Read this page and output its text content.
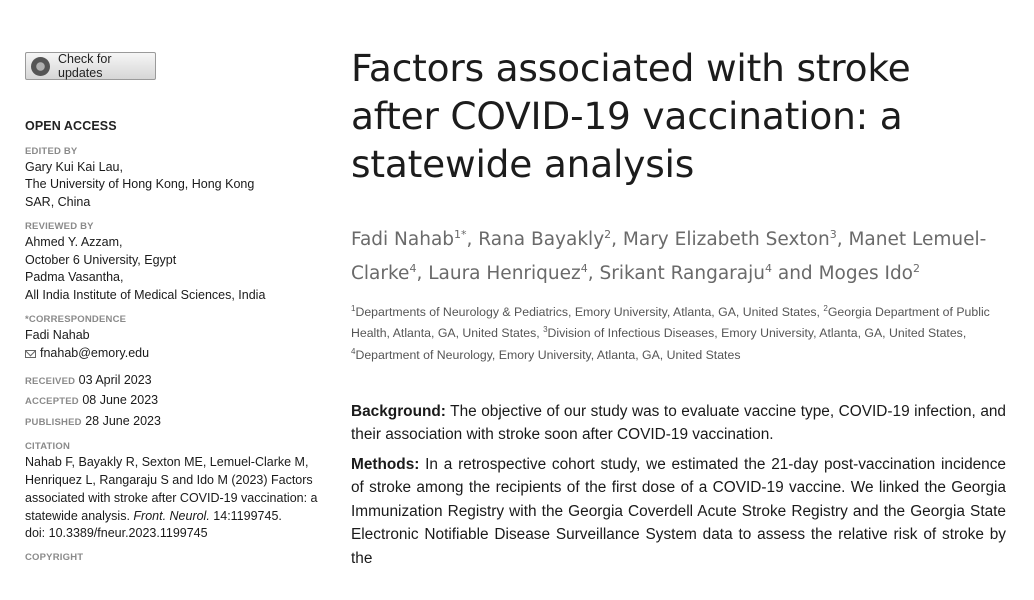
Check for updates
OPEN ACCESS
EDITED BY
Gary Kui Kai Lau,
The University of Hong Kong, Hong Kong
SAR, China
REVIEWED BY
Ahmed Y. Azzam,
October 6 University, Egypt
Padma Vasantha,
All India Institute of Medical Sciences, India
*CORRESPONDENCE
Fadi Nahab
fnahab@emory.edu
RECEIVED 03 April 2023
ACCEPTED 08 June 2023
PUBLISHED 28 June 2023
CITATION
Nahab F, Bayakly R, Sexton ME, Lemuel-Clarke M, Henriquez L, Rangaraju S and Ido M (2023) Factors associated with stroke after COVID-19 vaccination: a statewide analysis. Front. Neurol. 14:1199745.
doi: 10.3389/fneur.2023.1199745
COPYRIGHT
Factors associated with stroke after COVID-19 vaccination: a statewide analysis
Fadi Nahab$^{1*}$, Rana Bayakly$^2$, Mary Elizabeth Sexton$^3$, Manet Lemuel-Clarke$^4$, Laura Henriquez$^4$, Srikant Rangaraju$^4$ and Moges Ido$^2$
$^1$Departments of Neurology & Pediatrics, Emory University, Atlanta, GA, United States, $^2$Georgia Department of Public Health, Atlanta, GA, United States, $^3$Division of Infectious Diseases, Emory University, Atlanta, GA, United States, $^4$Department of Neurology, Emory University, Atlanta, GA, United States

Background: The objective of our study was to evaluate vaccine type, COVID-19 infection, and their association with stroke soon after COVID-19 vaccination.

Methods: In a retrospective cohort study, we estimated the 21-day post-vaccination incidence of stroke among the recipients of the first dose of a COVID-19 vaccine. We linked the Georgia Immunization Registry with the Georgia Coverdell Acute Stroke Registry and the Georgia State Electronic Notifiable Disease Surveillance System data to assess the relative risk of stroke by the
